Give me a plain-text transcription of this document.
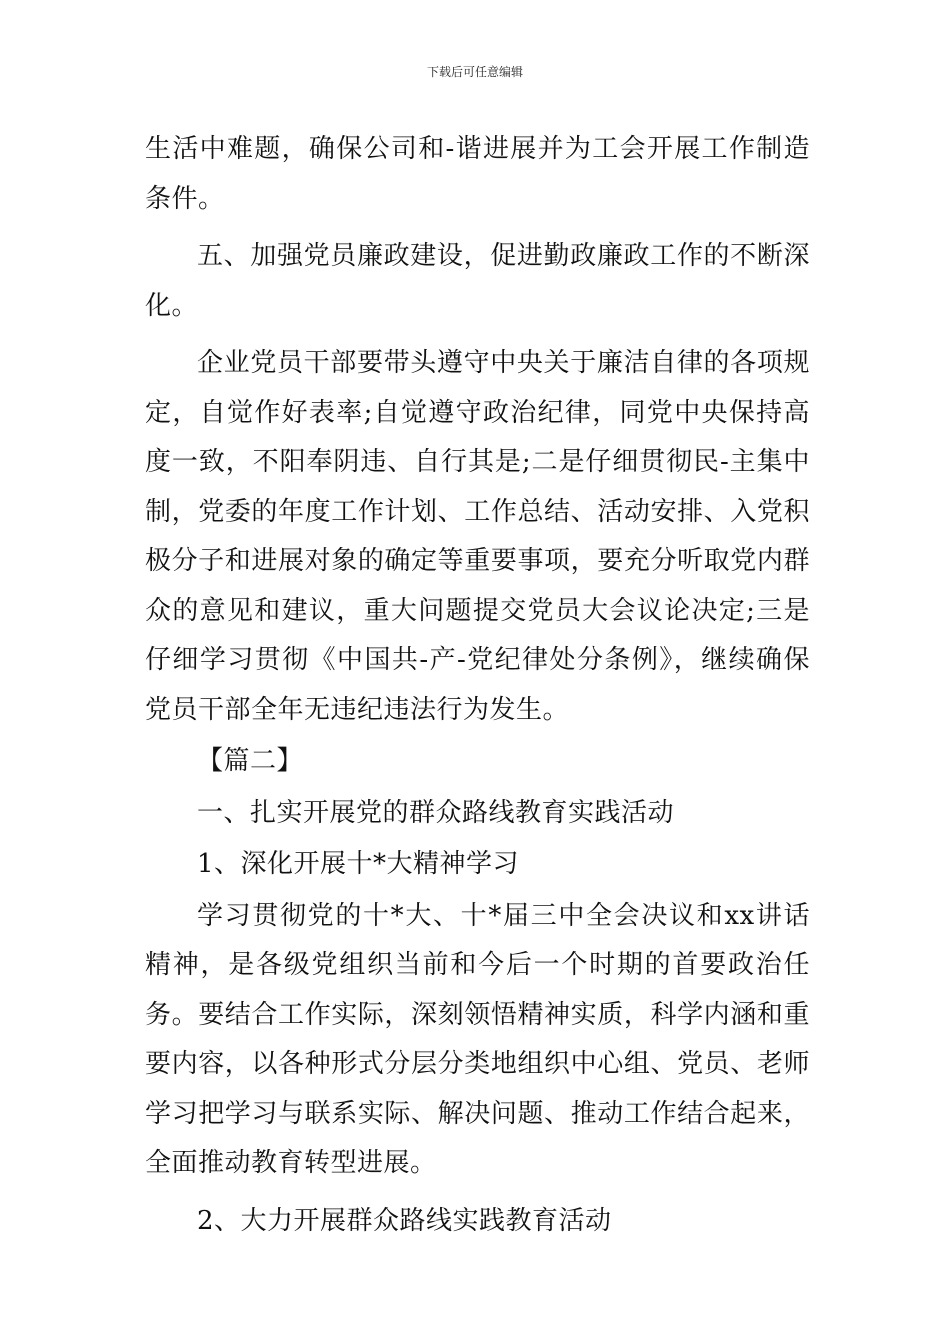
下载后可任意编辑

生活中难题，确保公司和-谐进展并为工会开展工作制造条件。

五、加强党员廉政建设，促进勤政廉政工作的不断深化。

企业党员干部要带头遵守中央关于廉洁自律的各项规定，自觉作好表率;自觉遵守政治纪律，同党中央保持高度一致，不阳奉阴违、自行其是;二是仔细贯彻民-主集中制，党委的年度工作计划、工作总结、活动安排、入党积极分子和进展对象的确定等重要事项，要充分听取党内群众的意见和建议，重大问题提交党员大会议论决定;三是仔细学习贯彻《中国共-产-党纪律处分条例》，继续确保党员干部全年无违纪违法行为发生。

【篇二】

一、扎实开展党的群众路线教育实践活动

1、深化开展十*大精神学习

学习贯彻党的十*大、十*届三中全会决议和xx讲话精神，是各级党组织当前和今后一个时期的首要政治任务。要结合工作实际，深刻领悟精神实质，科学内涵和重要内容，以各种形式分层分类地组织中心组、党员、老师学习把学习与联系实际、解决问题、推动工作结合起来，全面推动教育转型进展。

2、大力开展群众路线实践教育活动
